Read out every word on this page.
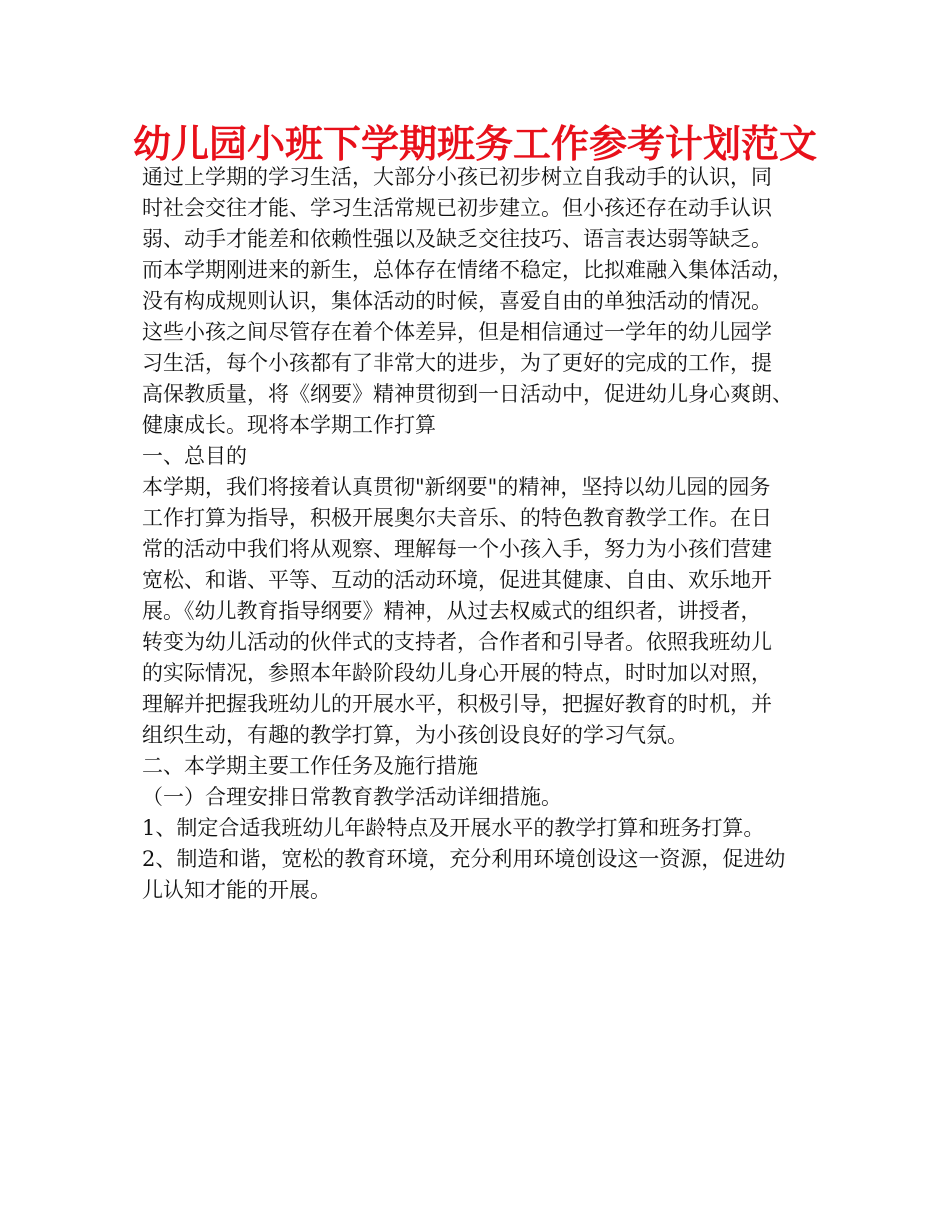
幼儿园小班下学期班务工作参考计划范文
通过上学期的学习生活，大部分小孩已初步树立自我动手的认识，同
时社会交往才能、学习生活常规已初步建立。但小孩还存在动手认识
弱、动手才能差和依赖性强以及缺乏交往技巧、语言表达弱等缺乏。
而本学期刚进来的新生，总体存在情绪不稳定，比拟难融入集体活动，
没有构成规则认识，集体活动的时候，喜爱自由的单独活动的情况。
这些小孩之间尽管存在着个体差异，但是相信通过一学年的幼儿园学
习生活，每个小孩都有了非常大的进步，为了更好的完成的工作，提
高保教质量，将《纲要》精神贯彻到一日活动中，促进幼儿身心爽朗、
健康成长。现将本学期工作打算
一、总目的
本学期，我们将接着认真贯彻"新纲要"的精神，坚持以幼儿园的园务
工作打算为指导，积极开展奥尔夫音乐、的特色教育教学工作。在日
常的活动中我们将从观察、理解每一个小孩入手，努力为小孩们营建
宽松、和谐、平等、互动的活动环境，促进其健康、自由、欢乐地开
展。《幼儿教育指导纲要》精神，从过去权威式的组织者，讲授者，
转变为幼儿活动的伙伴式的支持者，合作者和引导者。依照我班幼儿
的实际情况，参照本年龄阶段幼儿身心开展的特点，时时加以对照，
理解并把握我班幼儿的开展水平，积极引导，把握好教育的时机，并
组织生动，有趣的教学打算，为小孩创设良好的学习气氛。
二、本学期主要工作任务及施行措施
（一）合理安排日常教育教学活动详细措施。
1、制定合适我班幼儿年龄特点及开展水平的教学打算和班务打算。
2、制造和谐，宽松的教育环境，充分利用环境创设这一资源，促进幼
儿认知才能的开展。
